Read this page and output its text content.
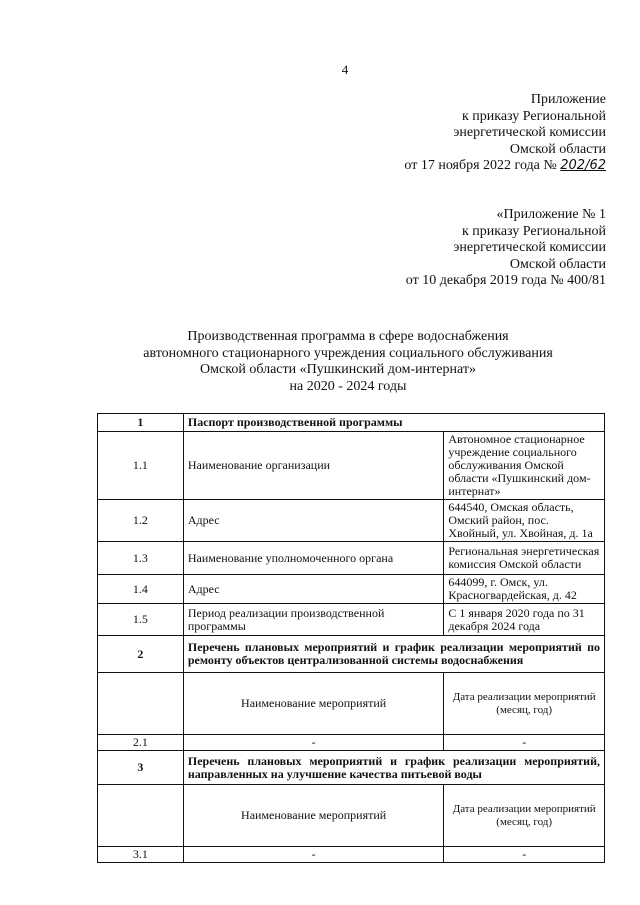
4
Приложение
к приказу Региональной
энергетической комиссии
Омской области
от 17 ноября 2022 года № 202/62
«Приложение № 1
к приказу Региональной
энергетической комиссии
Омской области
от 10 декабря 2019 года № 400/81
Производственная программа в сфере водоснабжения
автономного стационарного учреждения социального обслуживания
Омской области «Пушкинский дом-интернат»
на 2020 - 2024 годы
1	Паспорт производственной программы	
1.1	Наименование организации	Автономное стационарное учреждение социального обслуживания Омской области «Пушкинский дом-интернат»
1.2	Адрес	644540, Омская область, Омский район, пос. Хвойный, ул. Хвойная, д. 1а
1.3	Наименование уполномоченного органа	Региональная энергетическая комиссия Омской области
1.4	Адрес	644099, г. Омск, ул. Красногвардейская, д. 42
1.5	Период реализации производственной программы	С 1 января 2020 года по 31 декабря 2024 года
2	Перечень плановых мероприятий и график реализации мероприятий по ремонту объектов централизованной системы водоснабжения	
	Наименование мероприятий	Дата реализации мероприятий (месяц, год)
2.1	-	-
3	Перечень плановых мероприятий и график реализации мероприятий, направленных на улучшение качества питьевой воды	
	Наименование мероприятий	Дата реализации мероприятий (месяц, год)
3.1	-	-
